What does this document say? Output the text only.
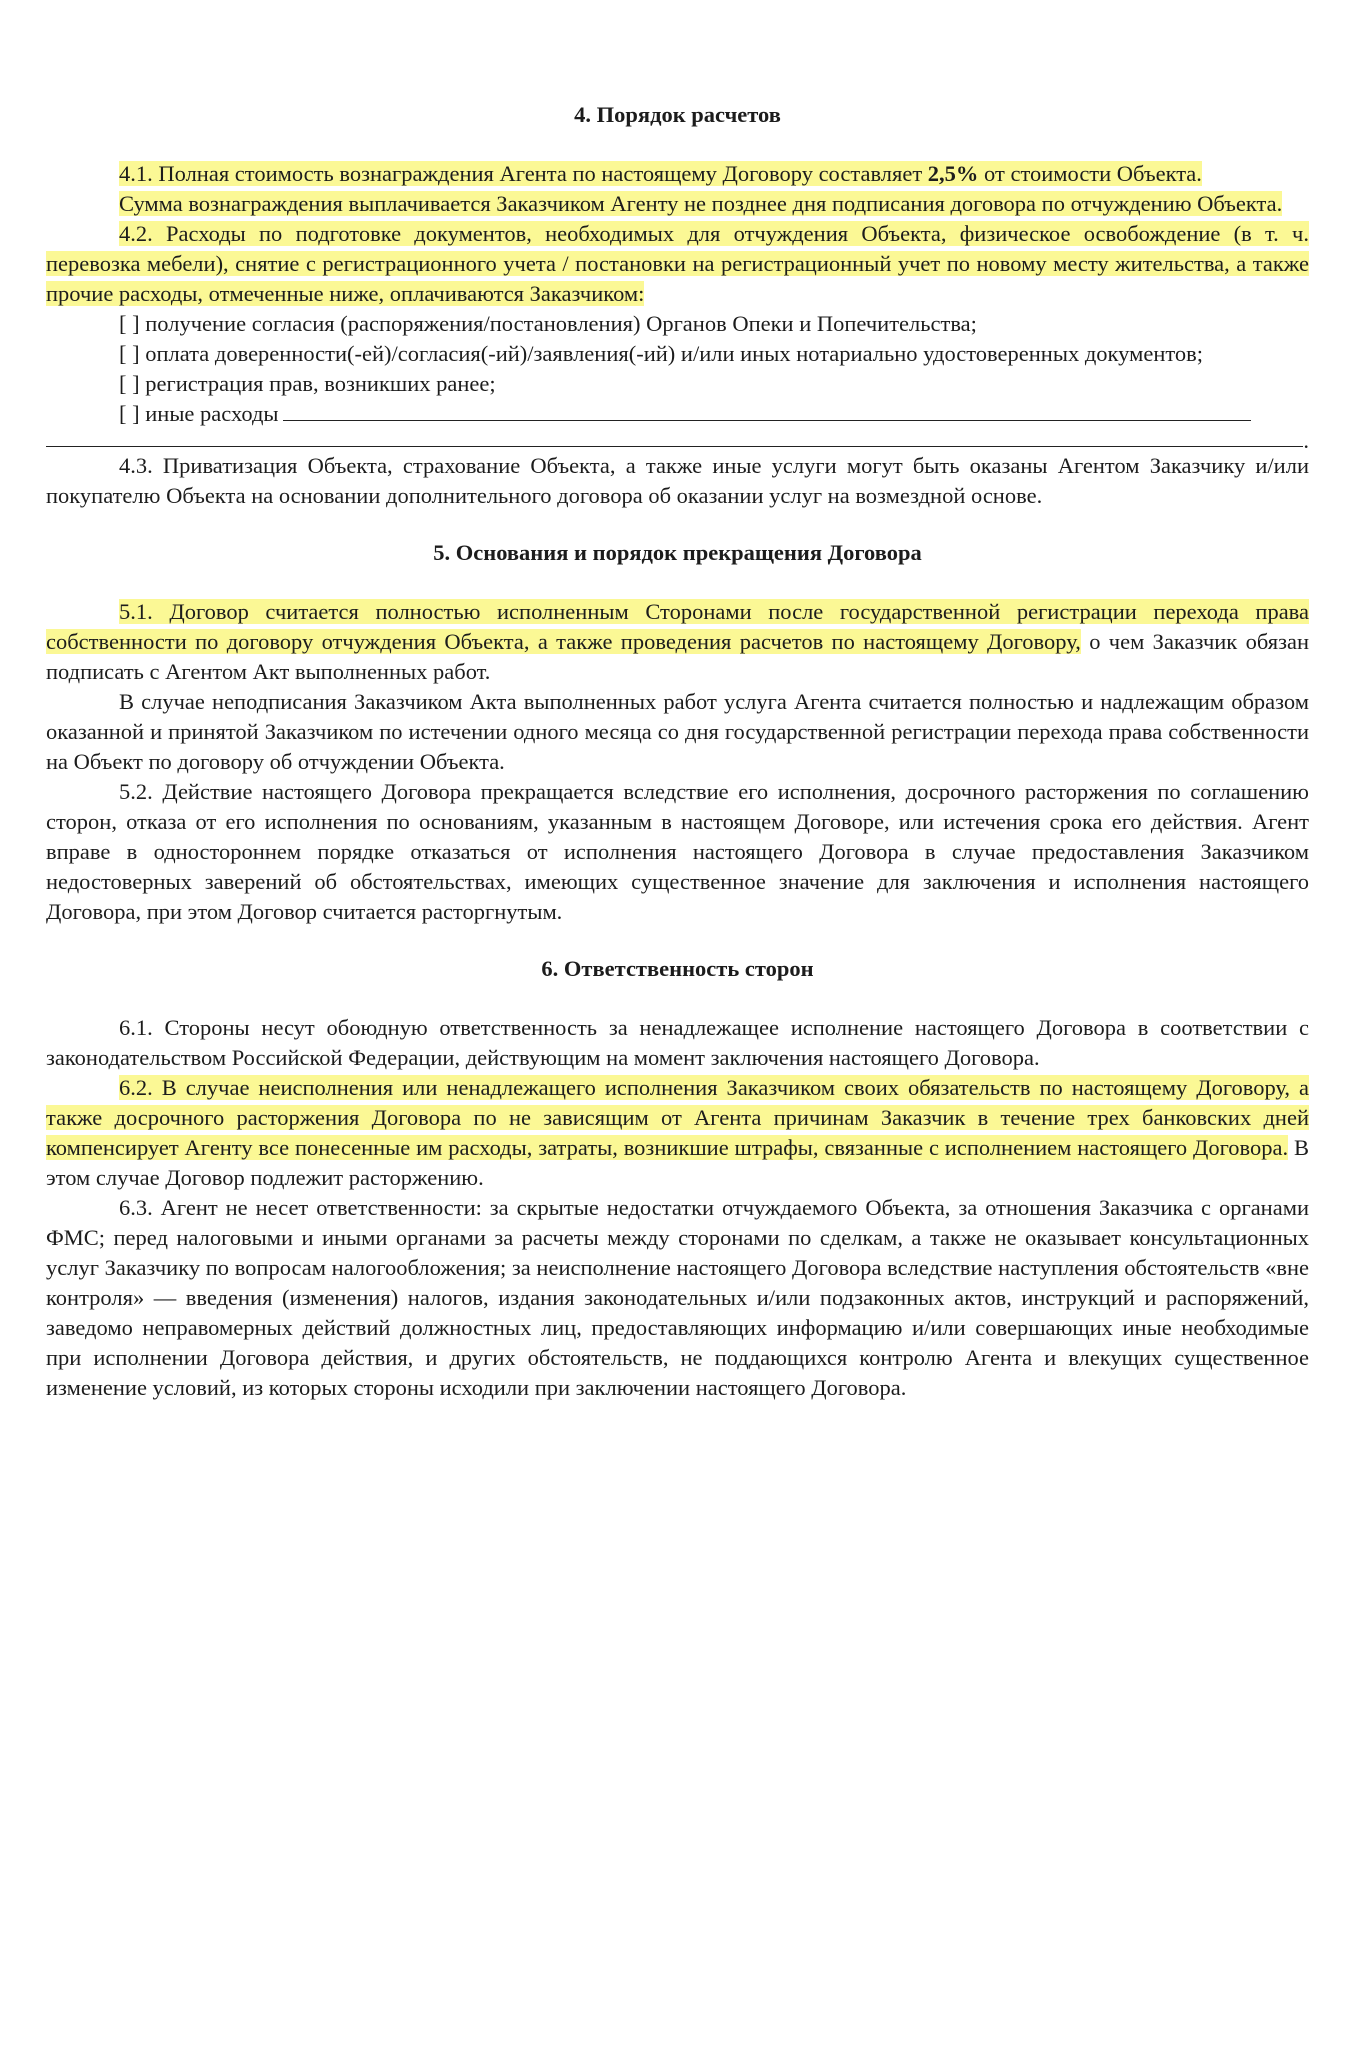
4. Порядок расчетов

4.1. Полная стоимость вознаграждения Агента по настоящему Договору составляет 2,5% от стоимости Объекта.

Сумма вознаграждения выплачивается Заказчиком Агенту не позднее дня подписания договора по отчуждению Объекта.

4.2. Расходы по подготовке документов, необходимых для отчуждения Объекта, физическое освобождение (в т. ч. перевозка мебели), снятие с регистрационного учета / постановки на регистрационный учет по новому месту жительства, а также прочие расходы, отмеченные ниже, оплачиваются Заказчиком:

[ ] получение согласия (распоряжения/постановления) Органов Опеки и Попечительства;

[ ] оплата доверенности(-ей)/согласия(-ий)/заявления(-ий) и/или иных нотариально удостоверенных документов;

[ ] регистрация прав, возникших ранее;

[ ] иные расходы

.

4.3. Приватизация Объекта, страхование Объекта, а также иные услуги могут быть оказаны Агентом Заказчику и/или покупателю Объекта на основании дополнительного договора об оказании услуг на возмездной основе.

5. Основания и порядок прекращения Договора

5.1. Договор считается полностью исполненным Сторонами после государственной регистрации перехода права собственности по договору отчуждения Объекта, а также проведения расчетов по настоящему Договору, о чем Заказчик обязан подписать с Агентом Акт выполненных работ.

В случае неподписания Заказчиком Акта выполненных работ услуга Агента считается полностью и надлежащим образом оказанной и принятой Заказчиком по истечении одного месяца со дня государственной регистрации перехода права собственности на Объект по договору об отчуждении Объекта.

5.2. Действие настоящего Договора прекращается вследствие его исполнения, досрочного расторжения по соглашению сторон, отказа от его исполнения по основаниям, указанным в настоящем Договоре, или истечения срока его действия. Агент вправе в одностороннем порядке отказаться от исполнения настоящего Договора в случае предоставления Заказчиком недостоверных заверений об обстоятельствах, имеющих существенное значение для заключения и исполнения настоящего Договора, при этом Договор считается расторгнутым.

6. Ответственность сторон

6.1. Стороны несут обоюдную ответственность за ненадлежащее исполнение настоящего Договора в соответствии с законодательством Российской Федерации, действующим на момент заключения настоящего Договора.

6.2. В случае неисполнения или ненадлежащего исполнения Заказчиком своих обязательств по настоящему Договору, а также досрочного расторжения Договора по не зависящим от Агента причинам Заказчик в течение трех банковских дней компенсирует Агенту все понесенные им расходы, затраты, возникшие штрафы, связанные с исполнением настоящего Договора. В этом случае Договор подлежит расторжению.

6.3. Агент не несет ответственности: за скрытые недостатки отчуждаемого Объекта, за отношения Заказчика с органами ФМС; перед налоговыми и иными органами за расчеты между сторонами по сделкам, а также не оказывает консультационных услуг Заказчику по вопросам налогообложения; за неисполнение настоящего Договора вследствие наступления обстоятельств «вне контроля» — введения (изменения) налогов, издания законодательных и/или подзаконных актов, инструкций и распоряжений, заведомо неправомерных действий должностных лиц, предоставляющих информацию и/или совершающих иные необходимые при исполнении Договора действия, и других обстоятельств, не поддающихся контролю Агента и влекущих существенное изменение условий, из которых стороны исходили при заключении настоящего Договора.
